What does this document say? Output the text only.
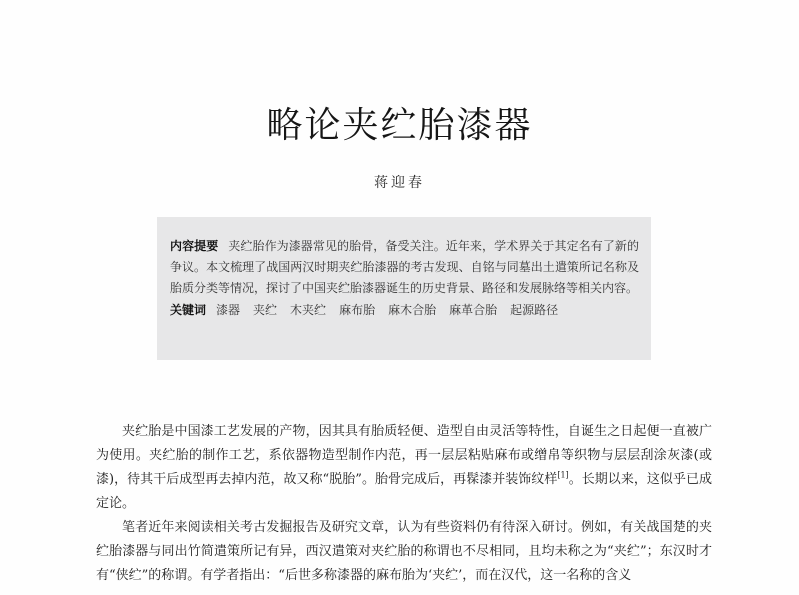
略论夹纻胎漆器
蒋迎春

内容提要 夹纻胎作为漆器常见的胎骨，备受关注。近年来，学术界关于其定名有了新的争议。本文梳理了战国两汉时期夹纻胎漆器的考古发现、自铭与同墓出土遣策所记名称及胎质分类等情况，探讨了中国夹纻胎漆器诞生的历史背景、路径和发展脉络等相关内容。

关键词 漆器 夹纻 木夹纻 麻布胎 麻木合胎 麻革合胎 起源路径

夹纻胎是中国漆工艺发展的产物，因其具有胎质轻便、造型自由灵活等特性，自诞生之日起便一直被广为使用。夹纻胎的制作工艺，系依器物造型制作内范，再一层层粘贴麻布或缯帛等织物与层层刮涂灰漆(或漆)，待其干后成型再去掉内范，故又称“脱胎”。胎骨完成后，再髹漆并装饰纹样[1]。长期以来，这似乎已成定论。

笔者近年来阅读相关考古发掘报告及研究文章，认为有些资料仍有待深入研讨。例如，有关战国楚的夹纻胎漆器与同出竹简遣策所记有异，西汉遣策对夹纻胎的称谓也不尽相同，且均未称之为“夹纻”；东汉时才有“侠纻”的称谓。有学者指出：“后世多称漆器的麻布胎为‘夹纻’，而在汉代，这一名称的含义
